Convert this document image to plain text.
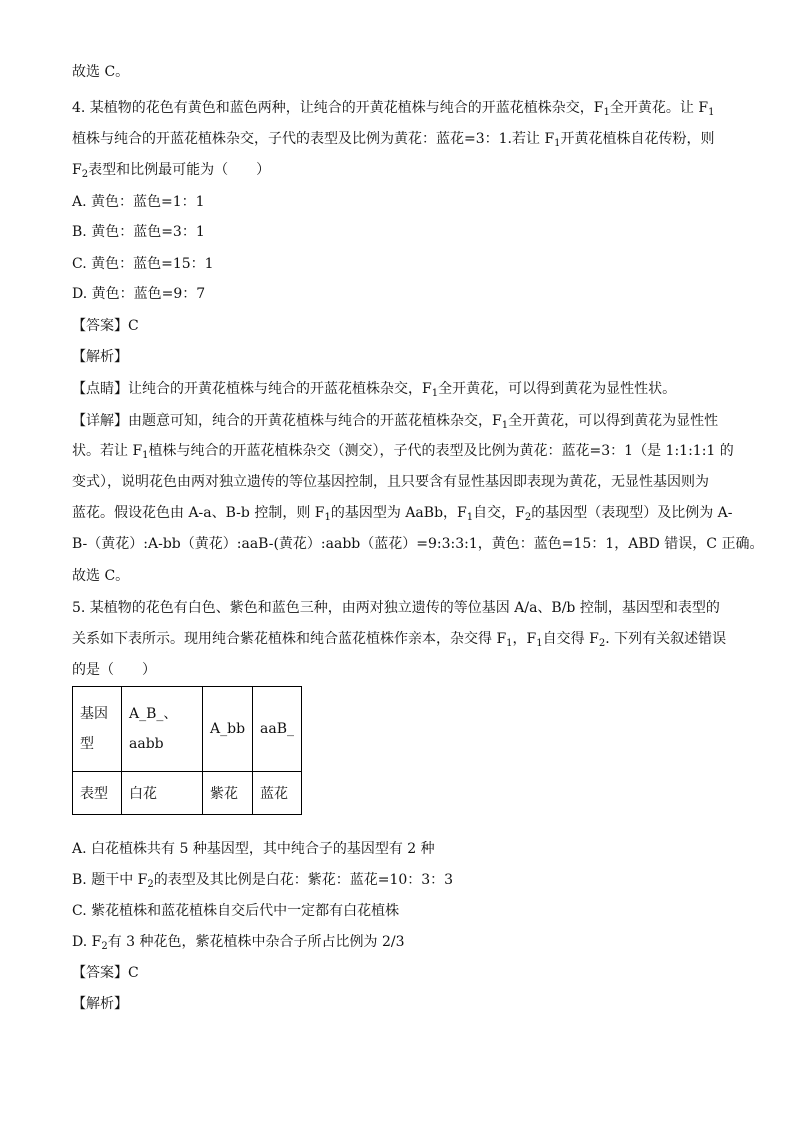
故选 C。
4. 某植物的花色有黄色和蓝色两种，让纯合的开黄花植株与纯合的开蓝花植株杂交，$F_1$全开黄花。让 $F_1$
植株与纯合的开蓝花植株杂交，子代的表型及比例为黄花：蓝花=3：1.若让 $F_1$开黄花植株自花传粉，则
$F_2$表型和比例最可能为（　　）
A. 黄色：蓝色=1：1
B. 黄色：蓝色=3：1
C. 黄色：蓝色=15：1
D. 黄色：蓝色=9：7
【答案】C
【解析】
【点睛】让纯合的开黄花植株与纯合的开蓝花植株杂交，$F_1$全开黄花，可以得到黄花为显性性状。
【详解】由题意可知，纯合的开黄花植株与纯合的开蓝花植株杂交，$F_1$全开黄花，可以得到黄花为显性性
状。若让 $F_1$植株与纯合的开蓝花植株杂交（测交），子代的表型及比例为黄花：蓝花=3：1（是 1:1:1:1 的
变式），说明花色由两对独立遗传的等位基因控制，且只要含有显性基因即表现为黄花，无显性基因则为
蓝花。假设花色由 A-a、B-b 控制，则 $F_1$的基因型为 AaBb，$F_1$自交，$F_2$的基因型（表现型）及比例为 A-
B-（黄花）:A-bb（黄花）:aaB-(黄花）:aabb（蓝花）=9:3:3:1，黄色：蓝色=15：1，ABD 错误，C 正确。
故选 C。
5. 某植物的花色有白色、紫色和蓝色三种，由两对独立遗传的等位基因 A/a、B/b 控制，基因型和表型的
关系如下表所示。现用纯合紫花植株和纯合蓝花植株作亲本，杂交得 $F_1$，$F_1$自交得 $F_2$. 下列有关叙述错误
的是（　　）
A. 白花植株共有 5 种基因型，其中纯合子的基因型有 2 种
B. 题干中 $F_2$的表型及其比例是白花：紫花：蓝花=10：3：3
C. 紫花植株和蓝花植株自交后代中一定都有白花植株
D. $F_2$有 3 种花色，紫花植株中杂合子所占比例为 2/3
【答案】C
【解析】
基因型	A_B_、aabb	A_bb	aaB_
表型	白花	紫花	蓝花
